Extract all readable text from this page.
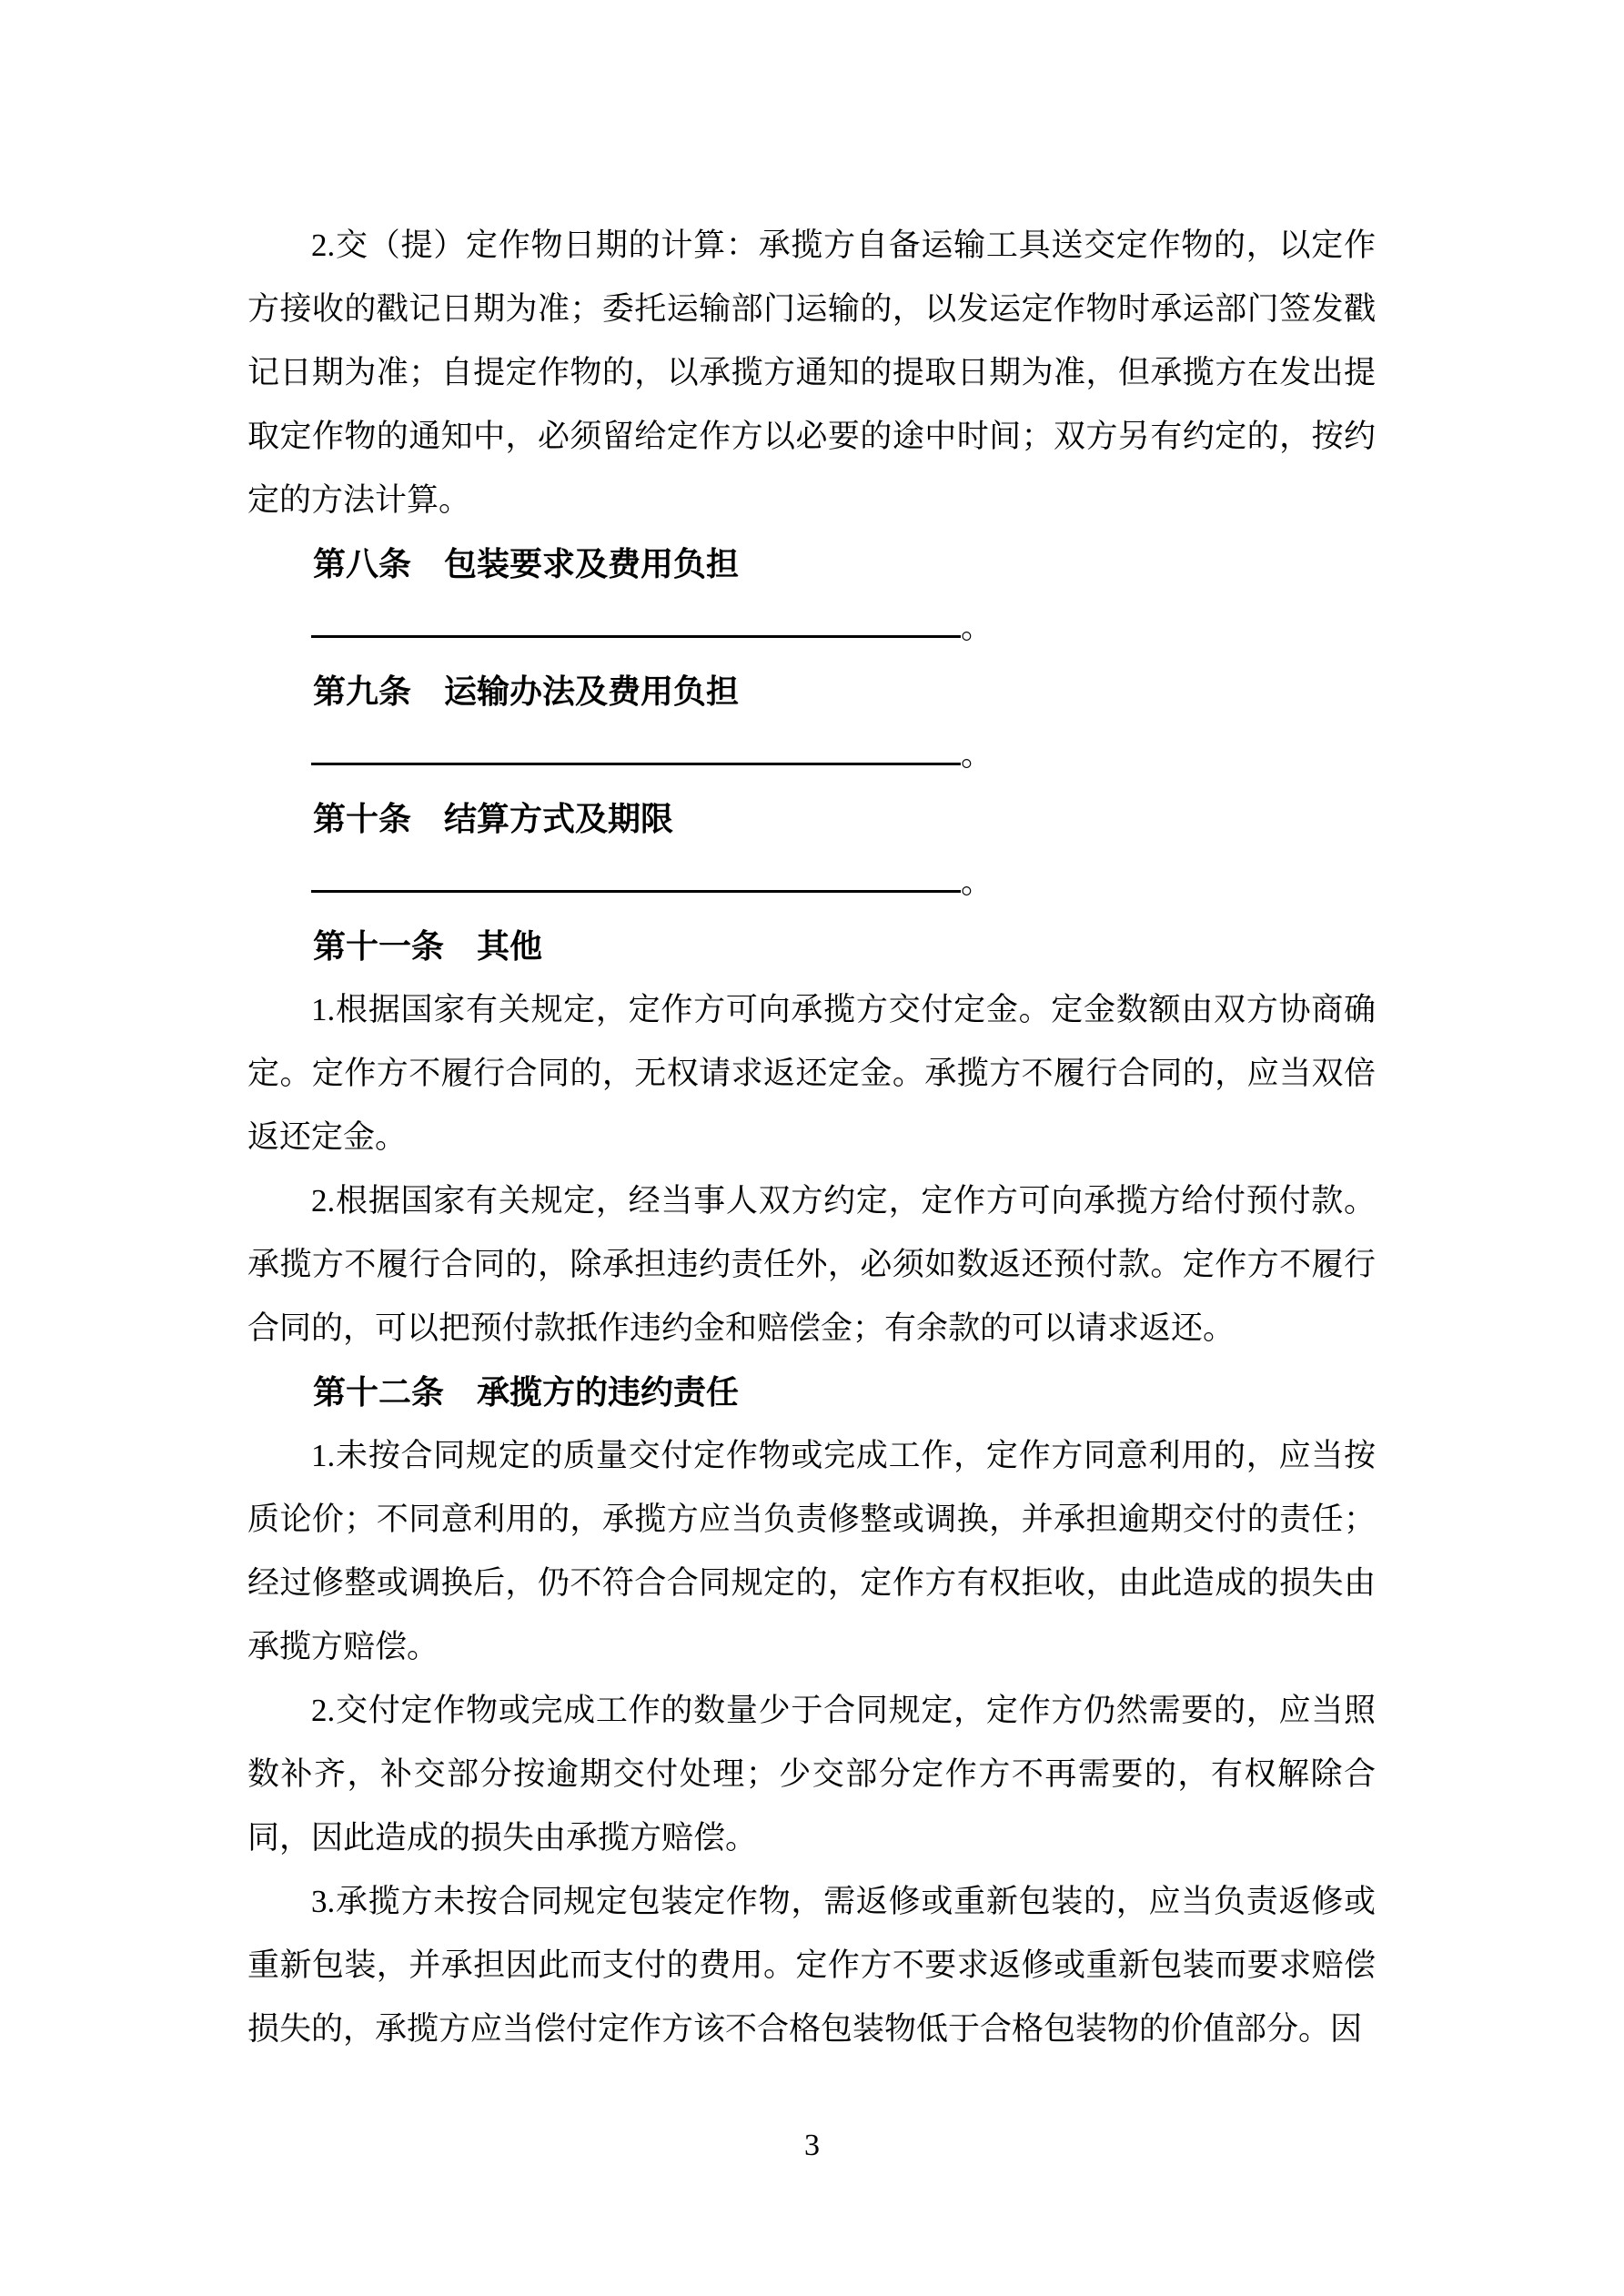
2.交（提）定作物日期的计算：承揽方自备运输工具送交定作物的，以定作方接收的戳记日期为准；委托运输部门运输的，以发运定作物时承运部门签发戳记日期为准；自提定作物的，以承揽方通知的提取日期为准，但承揽方在发出提取定作物的通知中，必须留给定作方以必要的途中时间；双方另有约定的，按约定的方法计算。

第八条　包装要求及费用负担

。

第九条　运输办法及费用负担

。

第十条　结算方式及期限

。

第十一条　其他

1.根据国家有关规定，定作方可向承揽方交付定金。定金数额由双方协商确定。定作方不履行合同的，无权请求返还定金。承揽方不履行合同的，应当双倍返还定金。

2.根据国家有关规定，经当事人双方约定，定作方可向承揽方给付预付款。承揽方不履行合同的，除承担违约责任外，必须如数返还预付款。定作方不履行合同的，可以把预付款抵作违约金和赔偿金；有余款的可以请求返还。

第十二条　承揽方的违约责任

1.未按合同规定的质量交付定作物或完成工作，定作方同意利用的，应当按质论价；不同意利用的，承揽方应当负责修整或调换，并承担逾期交付的责任；经过修整或调换后，仍不符合合同规定的，定作方有权拒收，由此造成的损失由承揽方赔偿。

2.交付定作物或完成工作的数量少于合同规定，定作方仍然需要的，应当照数补齐，补交部分按逾期交付处理；少交部分定作方不再需要的，有权解除合同，因此造成的损失由承揽方赔偿。

3.承揽方未按合同规定包装定作物，需返修或重新包装的，应当负责返修或重新包装，并承担因此而支付的费用。定作方不要求返修或重新包装而要求赔偿损失的，承揽方应当偿付定作方该不合格包装物低于合格包装物的价值部分。因

3
